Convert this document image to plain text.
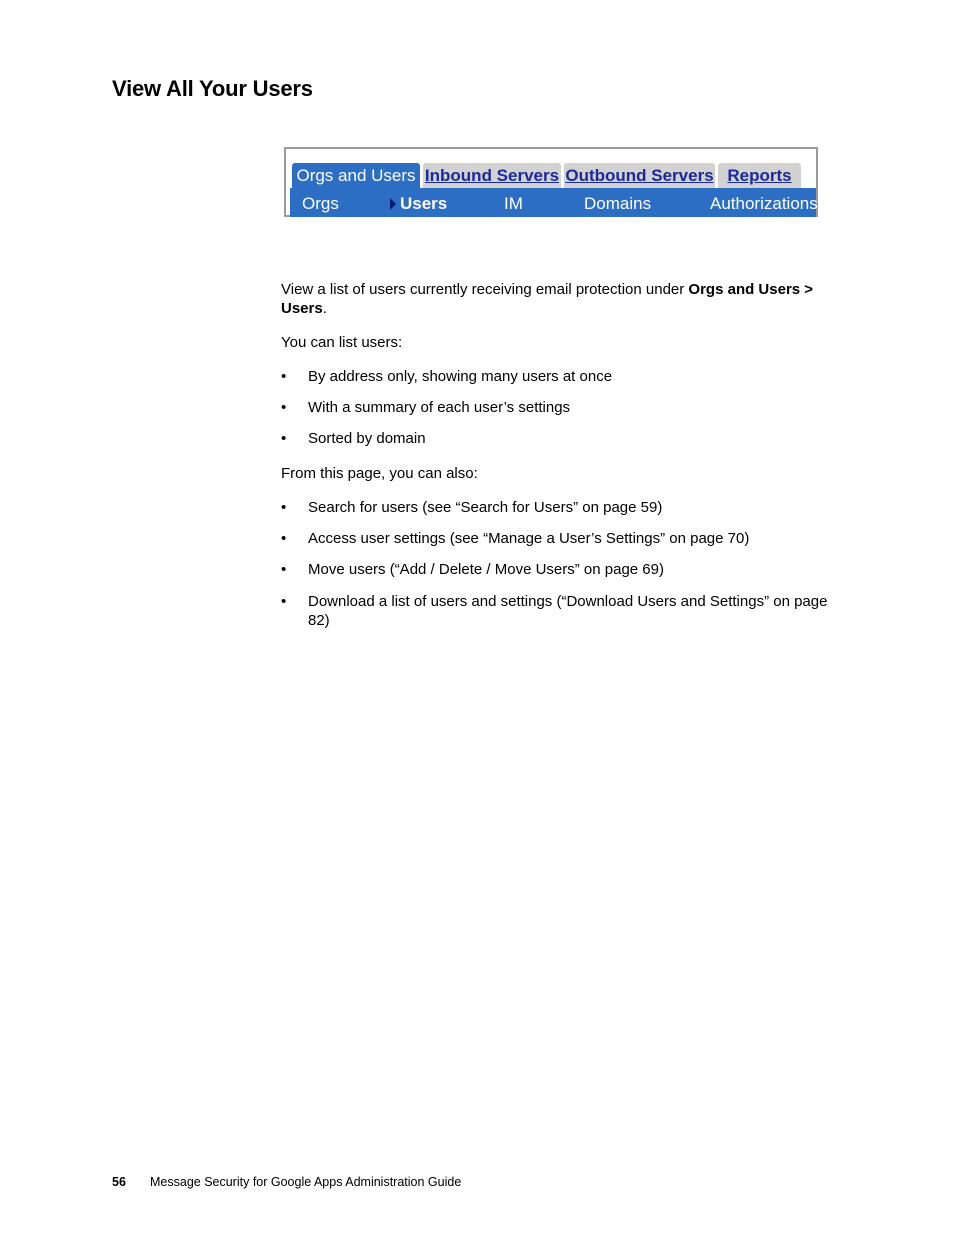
View All Your Users
Orgs and Users Inbound Servers Outbound Servers Reports
Orgs	Users	IM	Domains	Authorizations
View a list of users currently receiving email protection under Orgs and Users > Users.
You can list users:
• By address only, showing many users at once
• With a summary of each user’s settings
• Sorted by domain
From this page, you can also:
• Search for users (see “Search for Users” on page 59)
• Access user settings (see “Manage a User’s Settings” on page 70)
• Move users (“Add / Delete / Move Users” on page 69)
• Download a list of users and settings (“Download Users and Settings” on page 82)
56 Message Security for Google Apps Administration Guide
